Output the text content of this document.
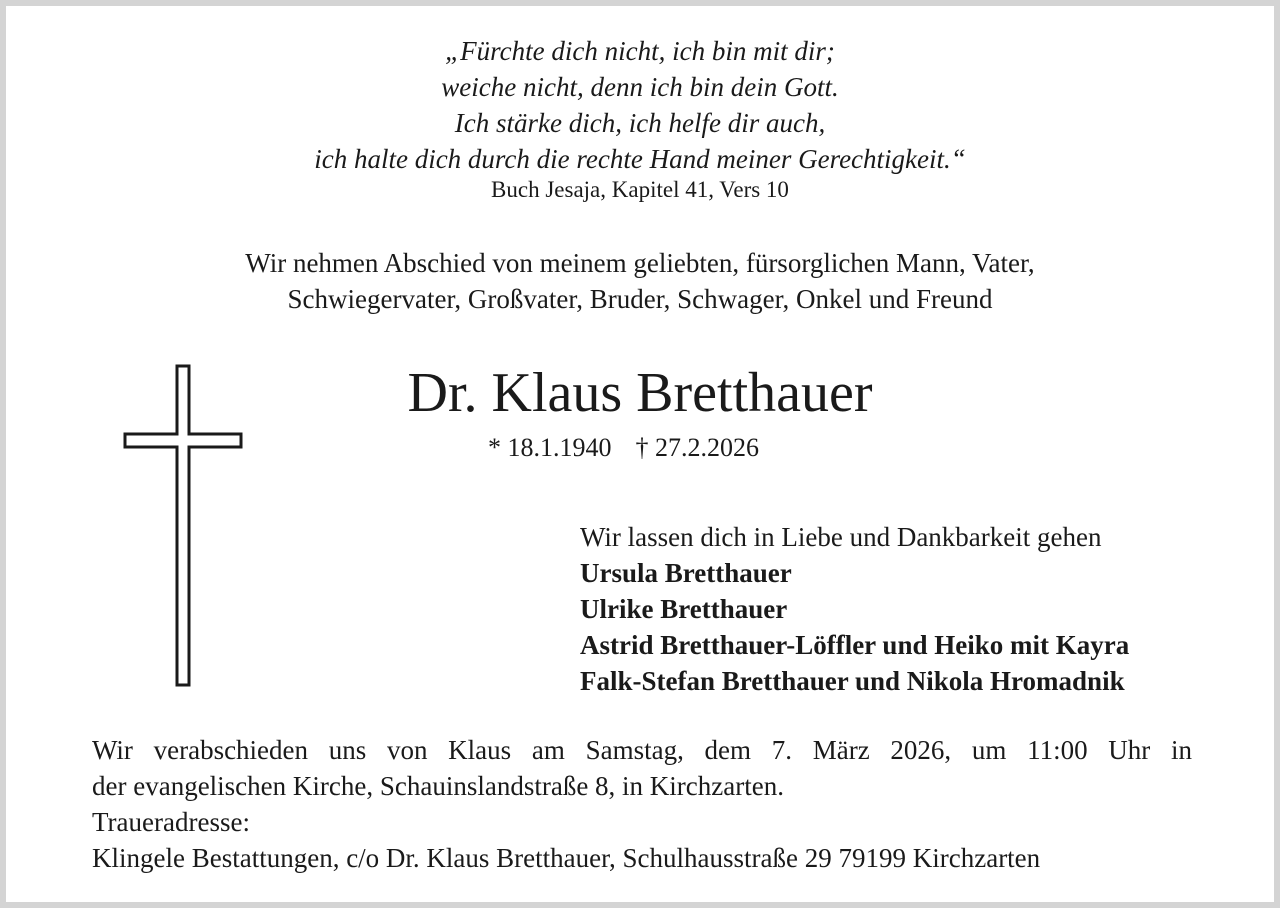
„Fürchte dich nicht, ich bin mit dir;
weiche nicht, denn ich bin dein Gott.
Ich stärke dich, ich helfe dir auch,
ich halte dich durch die rechte Hand meiner Gerechtigkeit.“
Buch Jesaja, Kapitel 41, Vers 10
Wir nehmen Abschied von meinem geliebten, fürsorglichen Mann, Vater,
Schwiegervater, Großvater, Bruder, Schwager, Onkel und Freund
Dr. Klaus Bretthauer
* 18.1.1940 † 27.2.2026
Wir lassen dich in Liebe und Dankbarkeit gehen
Ursula Bretthauer
Ulrike Bretthauer
Astrid Bretthauer-Löffler und Heiko mit Kayra
Falk-Stefan Bretthauer und Nikola Hromadnik
Wir verabschieden uns von Klaus am Samstag, dem 7. März 2026, um 11:00 Uhr in
der evangelischen Kirche, Schauinslandstraße 8, in Kirchzarten.
Traueradresse:
Klingele Bestattungen, c/o Dr. Klaus Bretthauer, Schulhausstraße 29 79199 Kirchzarten
